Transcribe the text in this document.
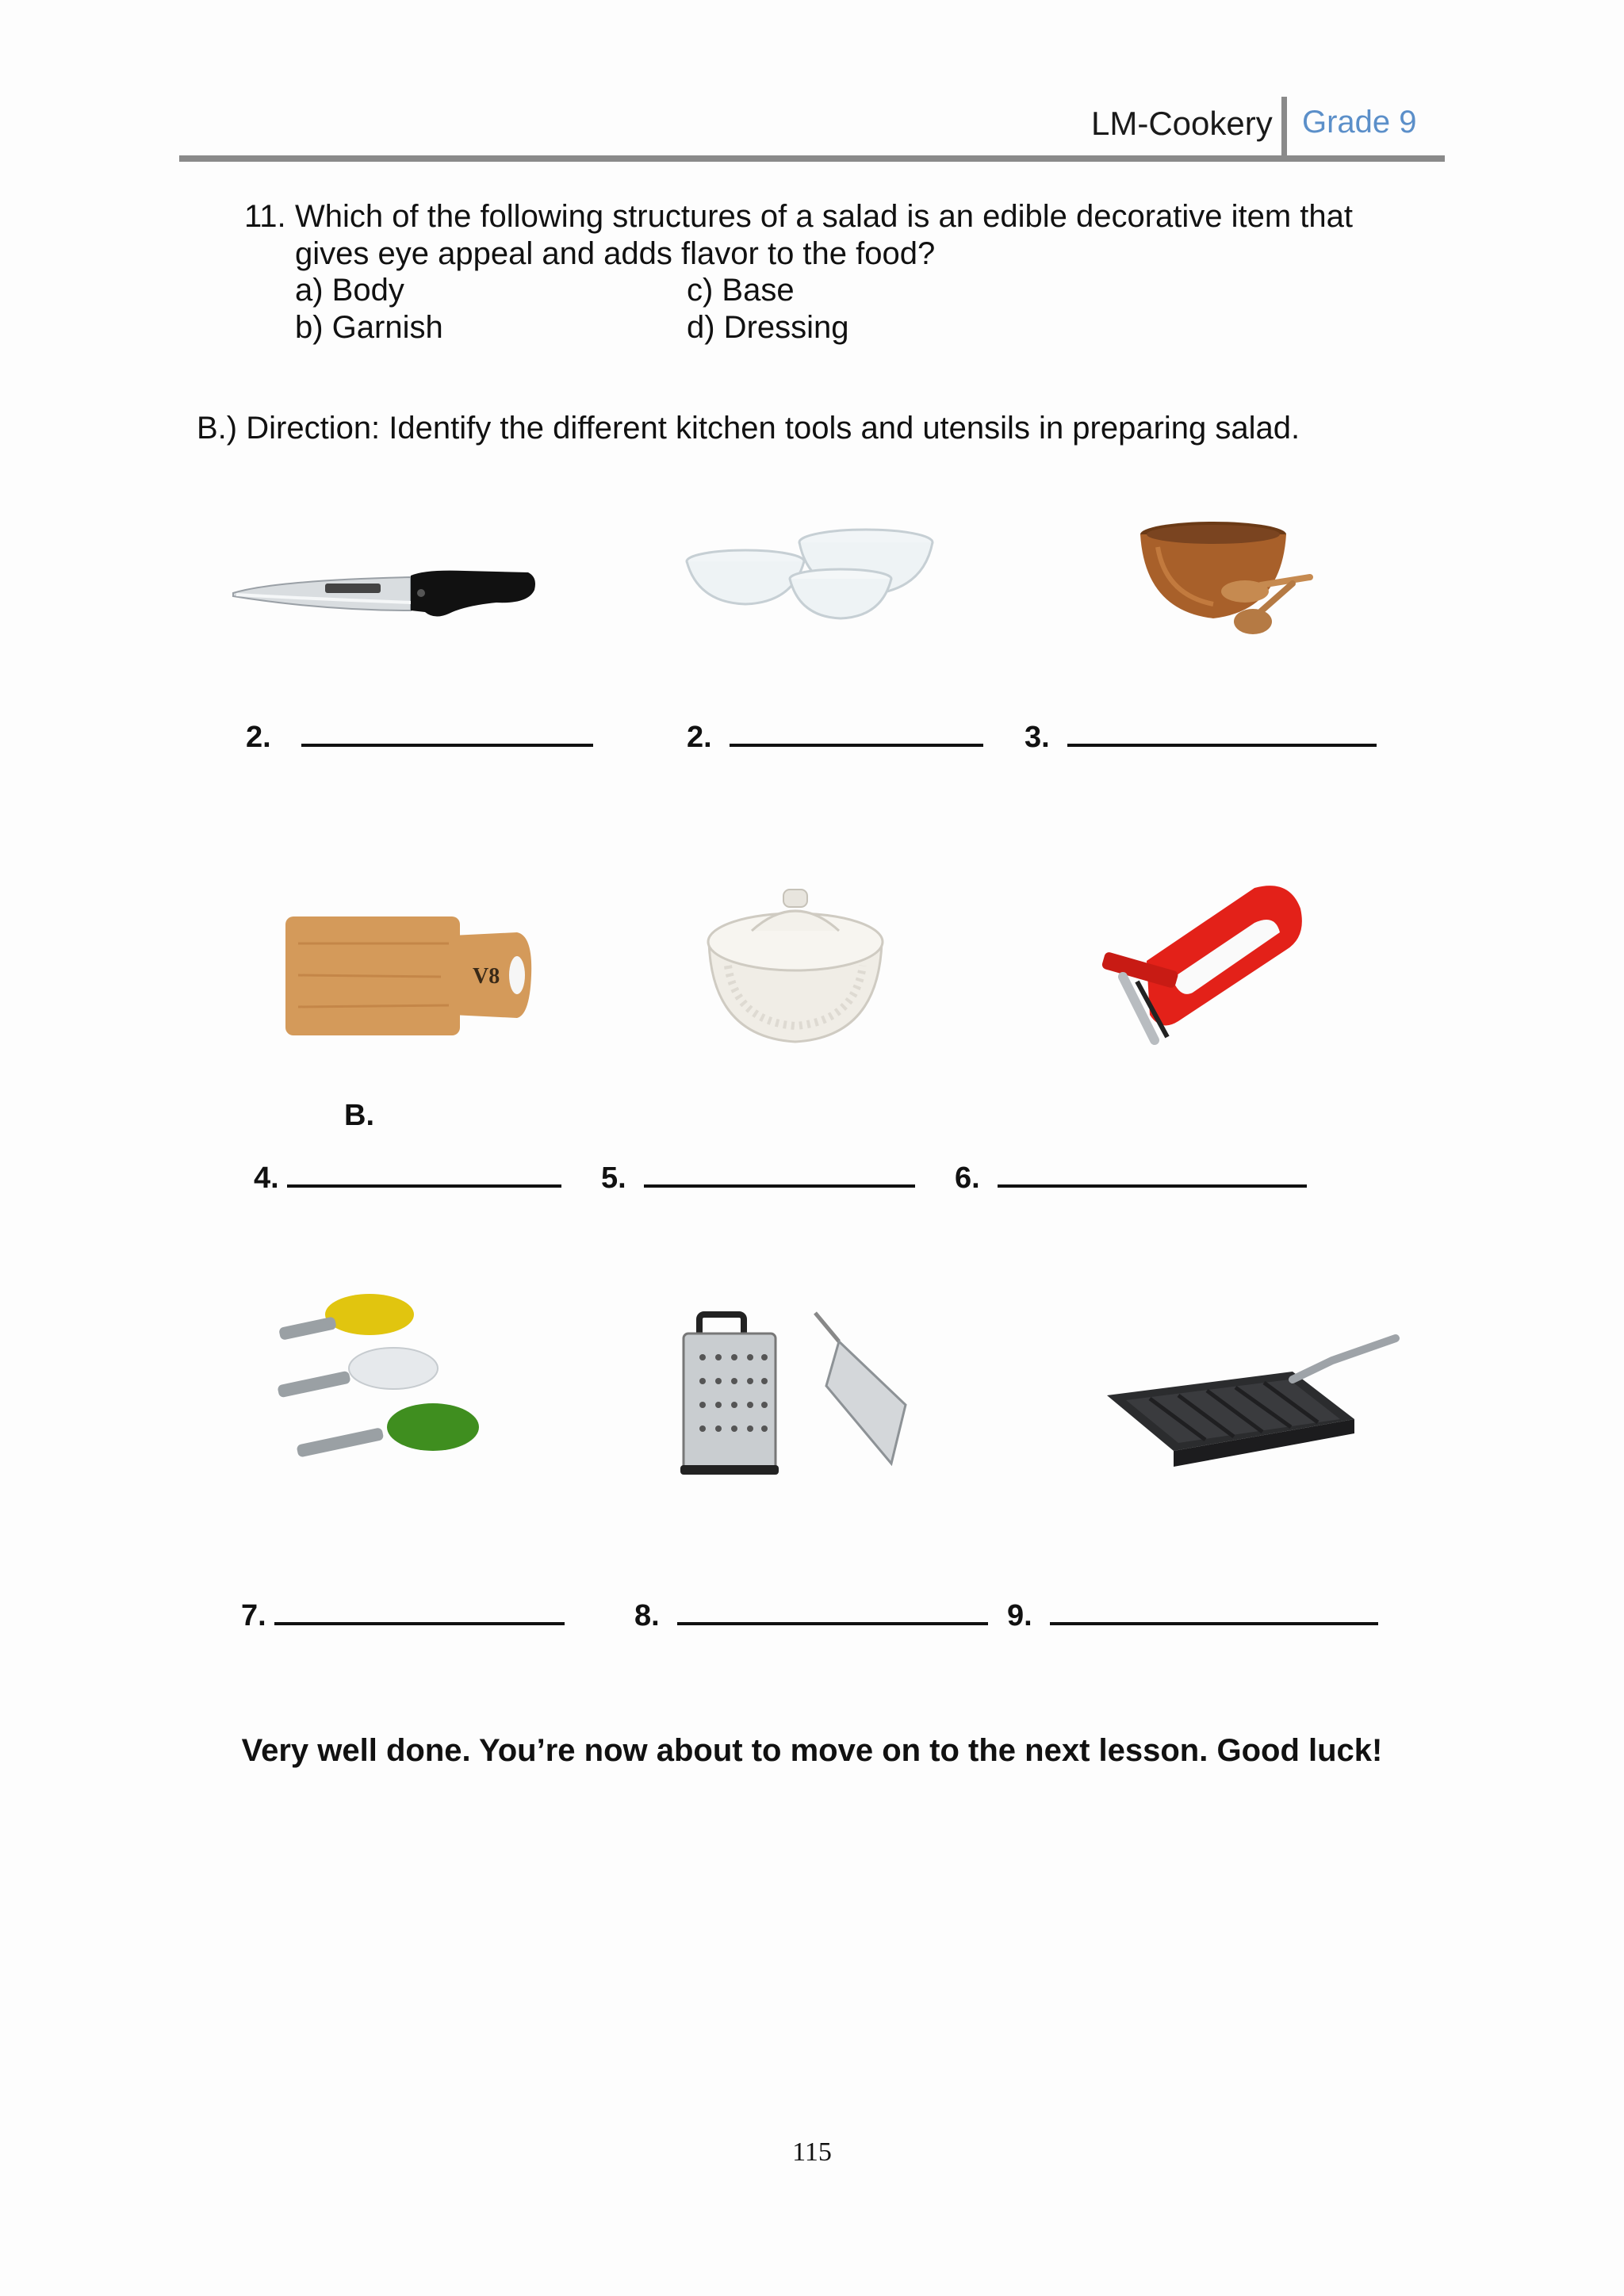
LM-Cookery Grade 9
11. Which of the following structures of a salad is an edible decorative item that
gives eye appeal and adds flavor to the food?
a) Body	c) Base
b) Garnish	d) Dressing
B.) Direction: Identify the different kitchen tools and utensils in preparing salad.
2.	2.	3.
V8
B.
4.	5.	6.
7.	8.	9.
Very well done. You’re now about to move on to the next lesson. Good luck!
115
